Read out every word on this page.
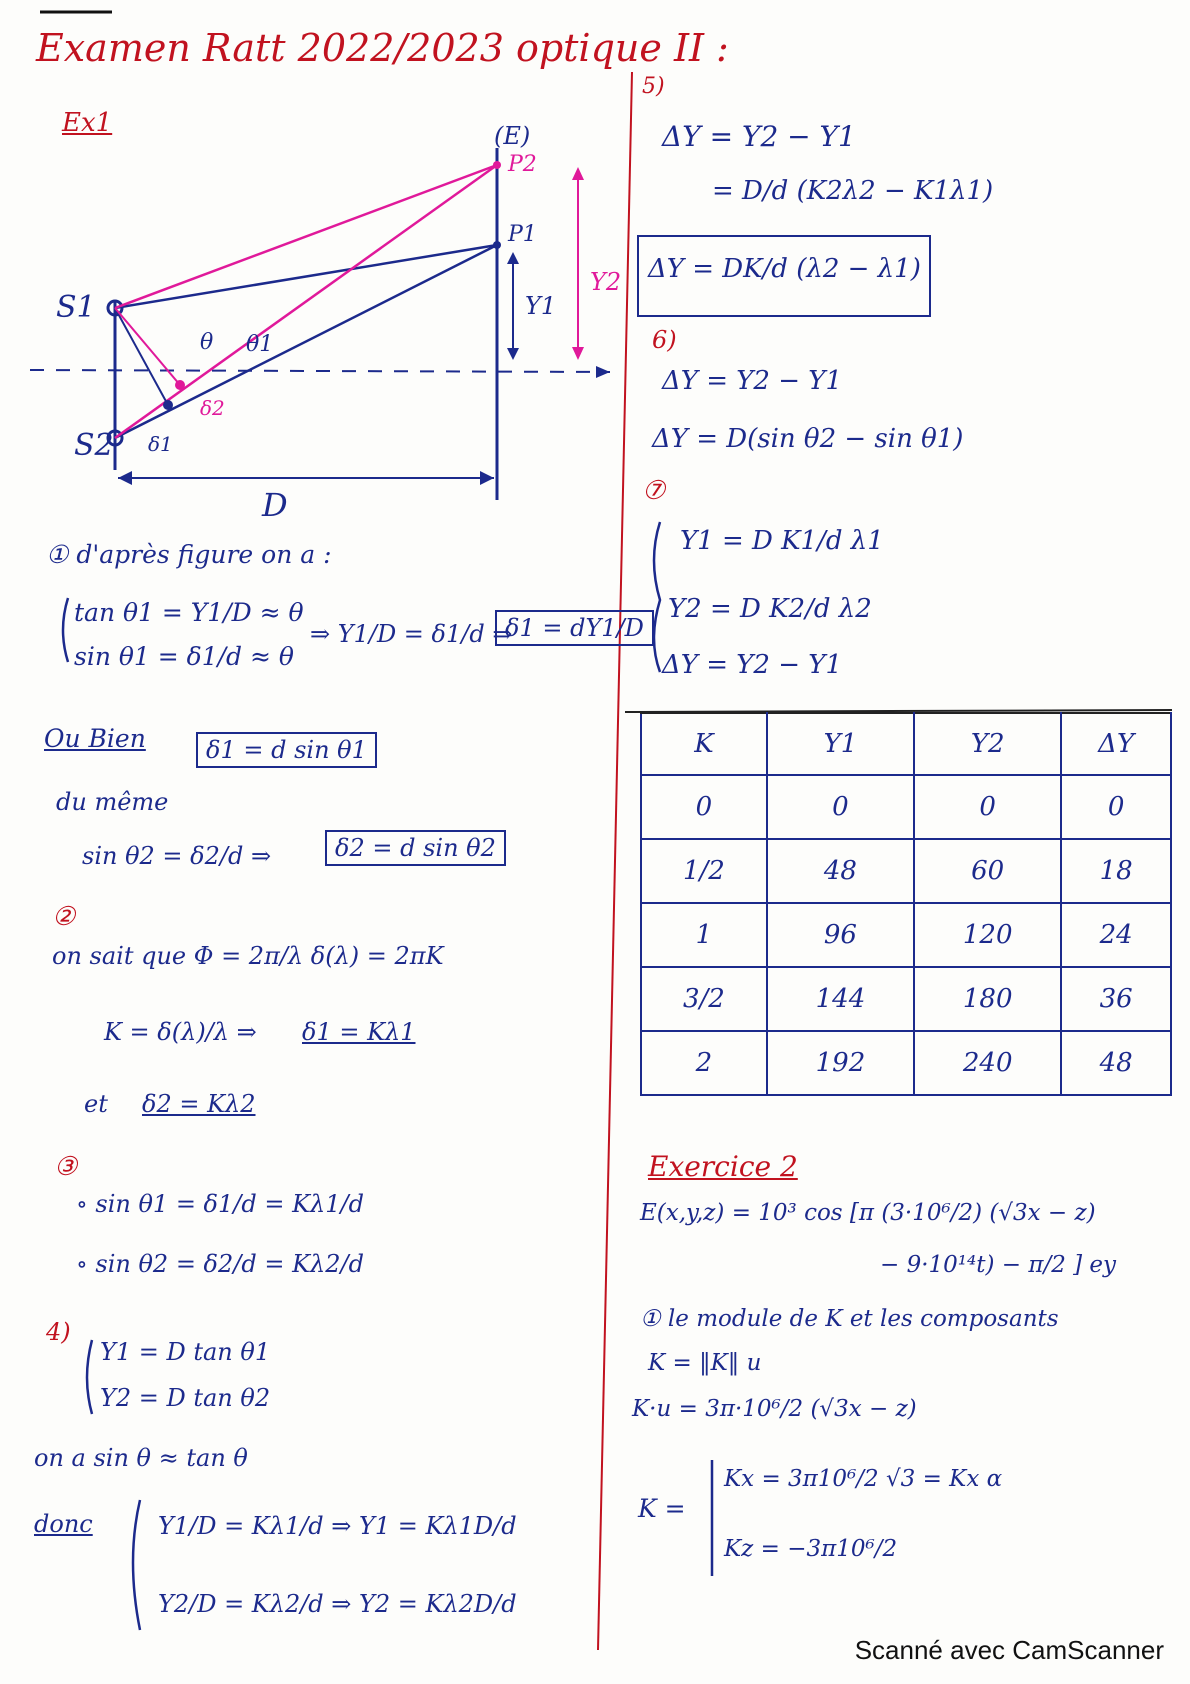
Examen Ratt 2022/2023 optique II :
Ex1	(E)
P2
P1
Y1
Y2
S1
S2
θ θ1
δ2
δ1
D
① d'après figure on a :
tan θ1 = Y1/D ≈ θ
sin θ1 = δ1/d ≈ θ
⇒ Y1/D = δ1/d ⇒
δ1 = dY1/D
Ou Bien	δ1 = d sin θ1
du même
sin θ2 = δ2/d ⇒	δ2 = d sin θ2
②
on sait que Φ = 2π/λ δ(λ) = 2πK
K = δ(λ)/λ ⇒ δ1 = Kλ1
et δ2 = Kλ2
③
∘ sin θ1 = δ1/d = Kλ1/d
∘ sin θ2 = δ2/d = Kλ2/d
4)
Y1 = D tan θ1
Y2 = D tan θ2
on a sin θ ≈ tan θ
donc	Y1/D = Kλ1/d ⇒ Y1 = Kλ1D/d
Y2/D = Kλ2/d ⇒ Y2 = Kλ2D/d
5)
ΔY = Y2 − Y1
= D/d (K2λ2 − K1λ1)
ΔY = DK/d (λ2 − λ1)
6)
ΔY = Y2 − Y1
ΔY = D(sin θ2 − sin θ1)
⑦
Y1 = D K1/d λ1
Y2 = D K2/d λ2
ΔY = Y2 − Y1
K	Y1	Y2	ΔY
0	0	0	0
1/2	48	60	18
1	96	120	24
3/2	144	180	36
2	192	240	48
Exercice 2
E(x,y,z) = 10³ cos [π (3·10⁶/2) (√3x − z)
− 9·10¹⁴t) − π/2 ] ey
① le module de K et les composants
K = ‖K‖ u
K·u = 3π·10⁶/2 (√3x − z)
K =
Kx = 3π10⁶/2 √3 = Kx α
Kz = −3π10⁶/2
Scanné avec CamScanner
